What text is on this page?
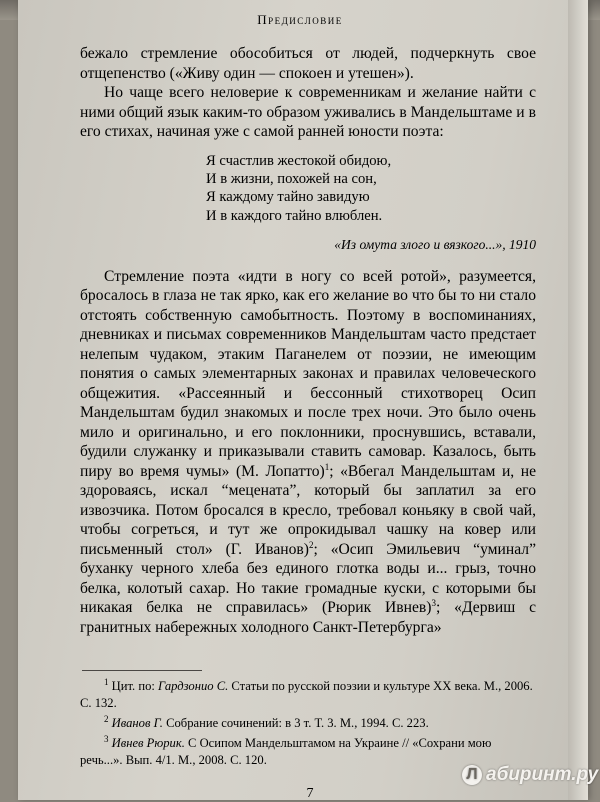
Предисловие

бежало стремление обособиться от людей, подчеркнуть свое отщепенство («Живу один — спокоен и утешен»).

Но чаще всего неловерие к современникам и желание найти с ними общий язык каким-то образом уживались в Мандельштаме и в его стихах, начиная уже с самой ранней юности поэта:

Я счастлив жестокой обидою,
И в жизни, похожей на сон,
Я каждому тайно завидую
И в каждого тайно влюблен.
«Из омута злого и вязкого...», 1910

Стремление поэта «идти в ногу со всей ротой», разумеется, бросалось в глаза не так ярко, как его желание во что бы то ни стало отстоять собственную самобытность. Поэтому в воспоминаниях, дневниках и письмах современников Мандельштам часто предстает нелепым чудаком, этаким Паганелем от поэзии, не имеющим понятия о самых элементарных законах и правилах человеческого общежития. «Рассеянный и бессонный стихотворец Осип Мандельштам будил знакомых и после трех ночи. Это было очень мило и оригинально, и его поклонники, проснувшись, вставали, будили служанку и приказывали ставить самовар. Казалось, быть пиру во время чумы» (М. Лопатто)$^1$; «Вбегал Мандельштам и, не здороваясь, искал “мецената”, который бы заплатил за его извозчика. Потом бросался в кресло, требовал коньяку в свой чай, чтобы согреться, и тут же опрокидывал чашку на ковер или письменный стол» (Г. Иванов)$^2$; «Осип Эмильевич “уминал” буханку черного хлеба без единого глотка воды и... грыз, точно белка, колотый сахар. Но такие громадные куски, с которыми бы никакая белка не справилась» (Рюрик Ивнев)$^3$; «Дервиш с гранитных набережных холодного Санкт-Петербурга»

$^1$ Цит. по: Гардзонио С. Статьи по русской поэзии и культуре XX века. М., 2006. С. 132.

$^2$ Иванов Г. Собрание сочинений: в 3 т. Т. 3. М., 1994. С. 223.

$^3$ Ивнев Рюрик. С Осипом Мандельштамом на Украине // «Сохрани мою речь...». Вып. 4/1. М., 2008. С. 120.

7
Л абиринт.ру
